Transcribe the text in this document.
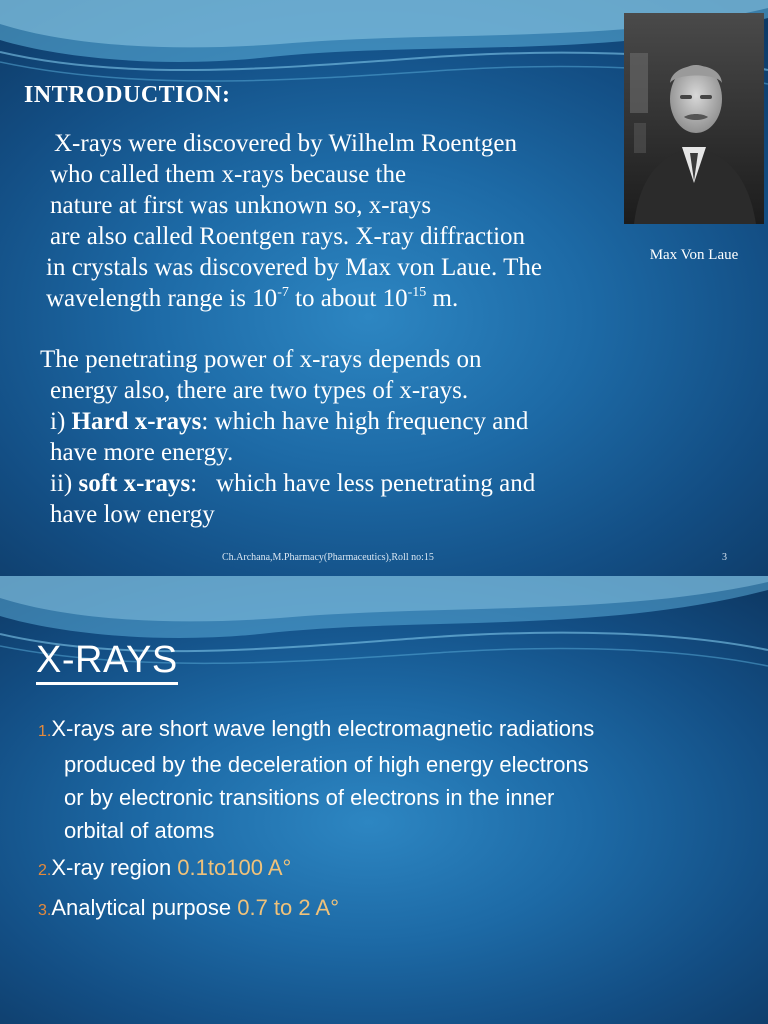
INTRODUCTION:

X-rays were discovered by Wilhelm Roentgen

who called them x-rays because the

nature at first was unknown so, x-rays

are also called Roentgen rays. X-ray diffraction

in crystals was discovered by Max von Laue. The

wavelength range is $10^{-7}$ to about $10^{-15}$ m.

Max Von Laue

The penetrating power of x-rays depends on

energy also, there are two types of x-rays.

i) Hard x-rays: which have high frequency and

have more energy.

ii) soft x-rays:   which have less penetrating and

have low energy

Ch.Archana,M.Pharmacy(Pharmaceutics),Roll no:15	3

X-RAYS

1.X-rays are short wave length electromagnetic radiations
produced by the deceleration of high energy electrons
or by electronic transitions of electrons in the inner
orbital of atoms

2.X-ray region 0.1to100 A°

3.Analytical purpose 0.7 to 2 A°
